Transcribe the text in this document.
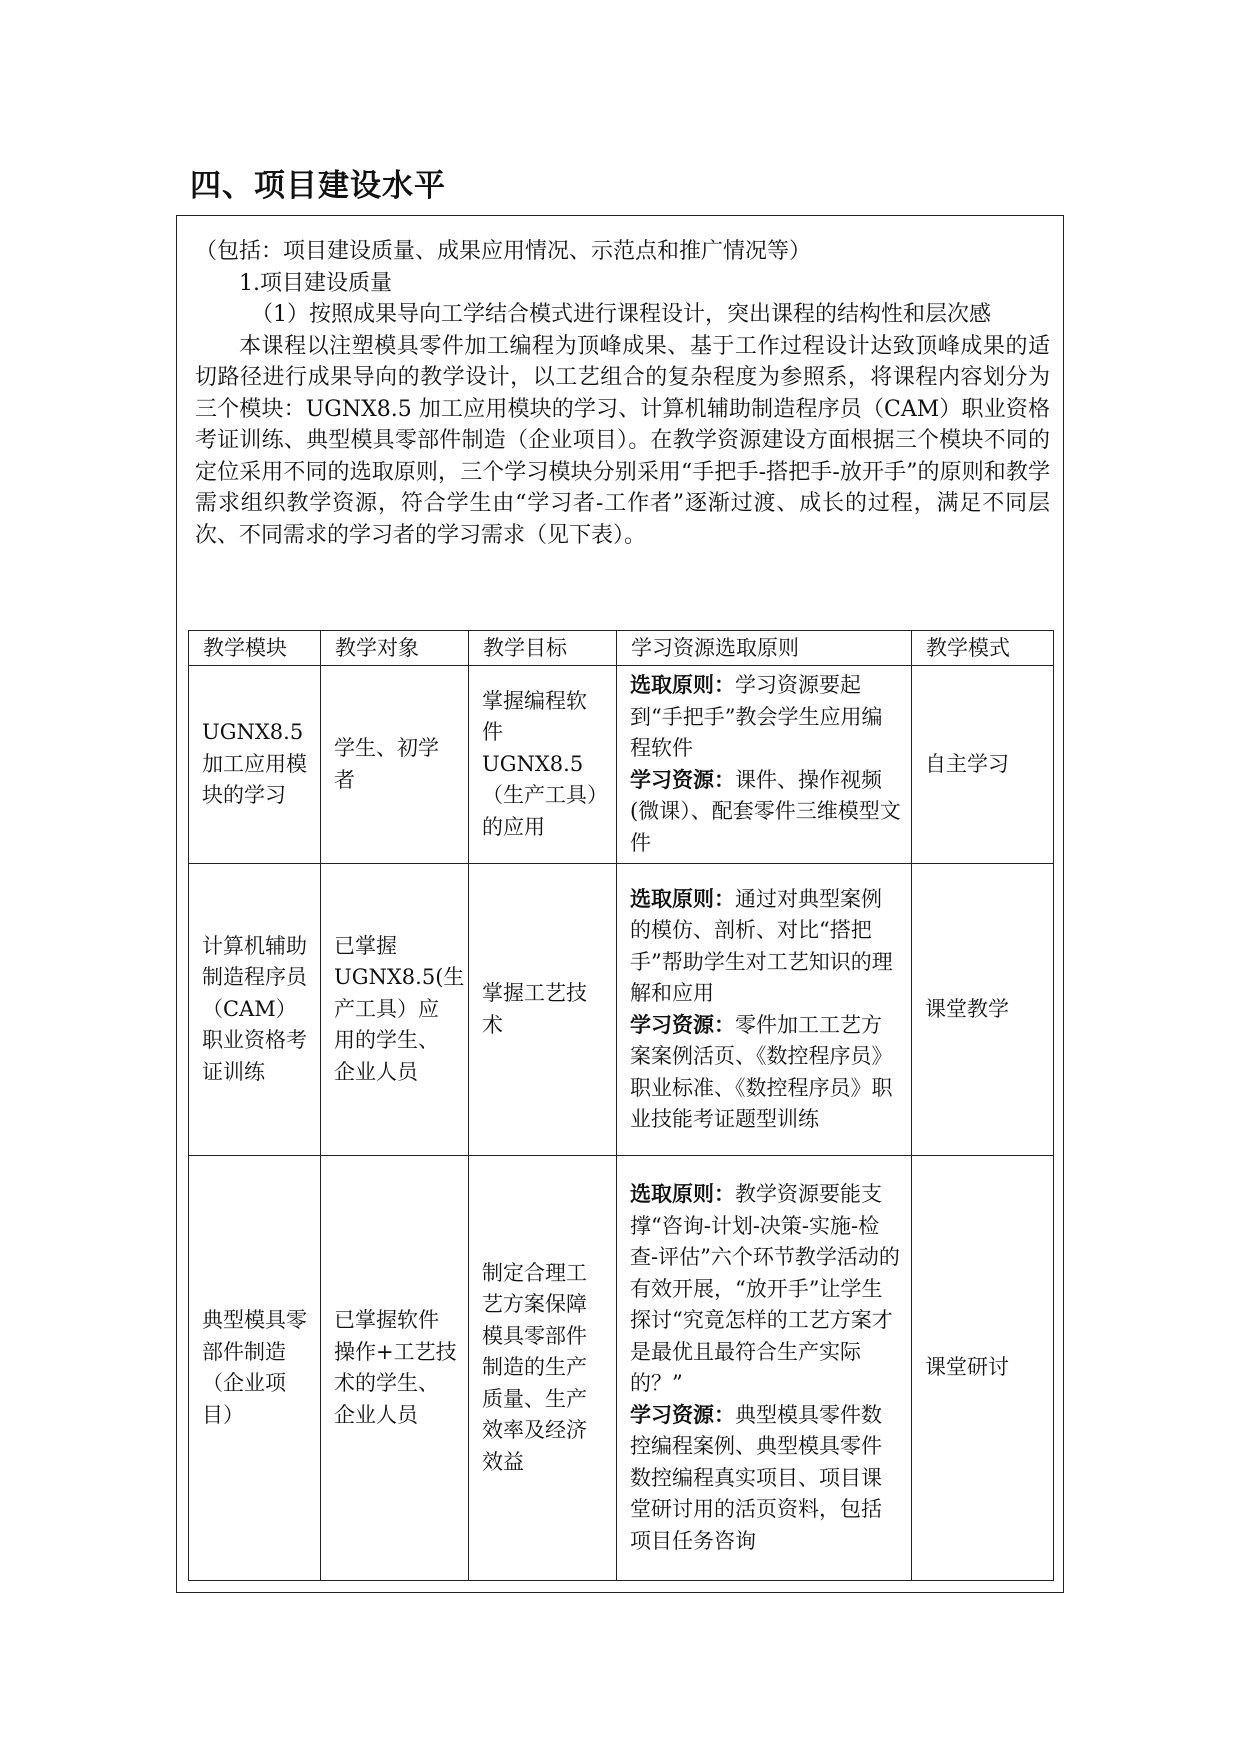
四、项目建设水平

（包括：项目建设质量、成果应用情况、示范点和推广情况等）

1.项目建设质量

（1）按照成果导向工学结合模式进行课程设计，突出课程的结构性和层次感

本课程以注塑模具零件加工编程为顶峰成果、基于工作过程设计达致顶峰成果的适切路径进行成果导向的教学设计，以工艺组合的复杂程度为参照系，将课程内容划分为三个模块：UGNX8.5 加工应用模块的学习、计算机辅助制造程序员（CAM）职业资格考证训练、典型模具零部件制造（企业项目）。在教学资源建设方面根据三个模块不同的定位采用不同的选取原则，三个学习模块分别采用“手把手-搭把手-放开手”的原则和教学需求组织教学资源，符合学生由“学习者-工作者”逐渐过渡、成长的过程，满足不同层次、不同需求的学习者的学习需求（见下表）。

教学模块	教学对象	教学目标	学习资源选取原则	教学模式
UGNX8.5 加工应用模块的学习	学生、初学者	掌握编程软件 UGNX8.5（生产工具）的应用	选取原则：学习资源要起到“手把手”教会学生应用编程软件
学习资源：课件、操作视频(微课）、配套零件三维模型文件	自主学习
计算机辅助制造程序员（CAM）职业资格考证训练	已掌握UGNX8.5(生产工具）应用的学生、企业人员	掌握工艺技术	选取原则：通过对典型案例的模仿、剖析、对比“搭把手”帮助学生对工艺知识的理解和应用
学习资源：零件加工工艺方案案例活页、《数控程序员》职业标准、《数控程序员》职业技能考证题型训练	课堂教学
典型模具零部件制造（企业项目）	已掌握软件操作+工艺技术的学生、企业人员	制定合理工艺方案保障模具零部件制造的生产质量、生产效率及经济效益	选取原则：教学资源要能支撑“咨询-计划-决策-实施-检查-评估”六个环节教学活动的有效开展，“放开手”让学生探讨“究竟怎样的工艺方案才是最优且最符合生产实际的？”
学习资源：典型模具零件数控编程案例、典型模具零件数控编程真实项目、项目课堂研讨用的活页资料，包括项目任务咨询	课堂研讨
